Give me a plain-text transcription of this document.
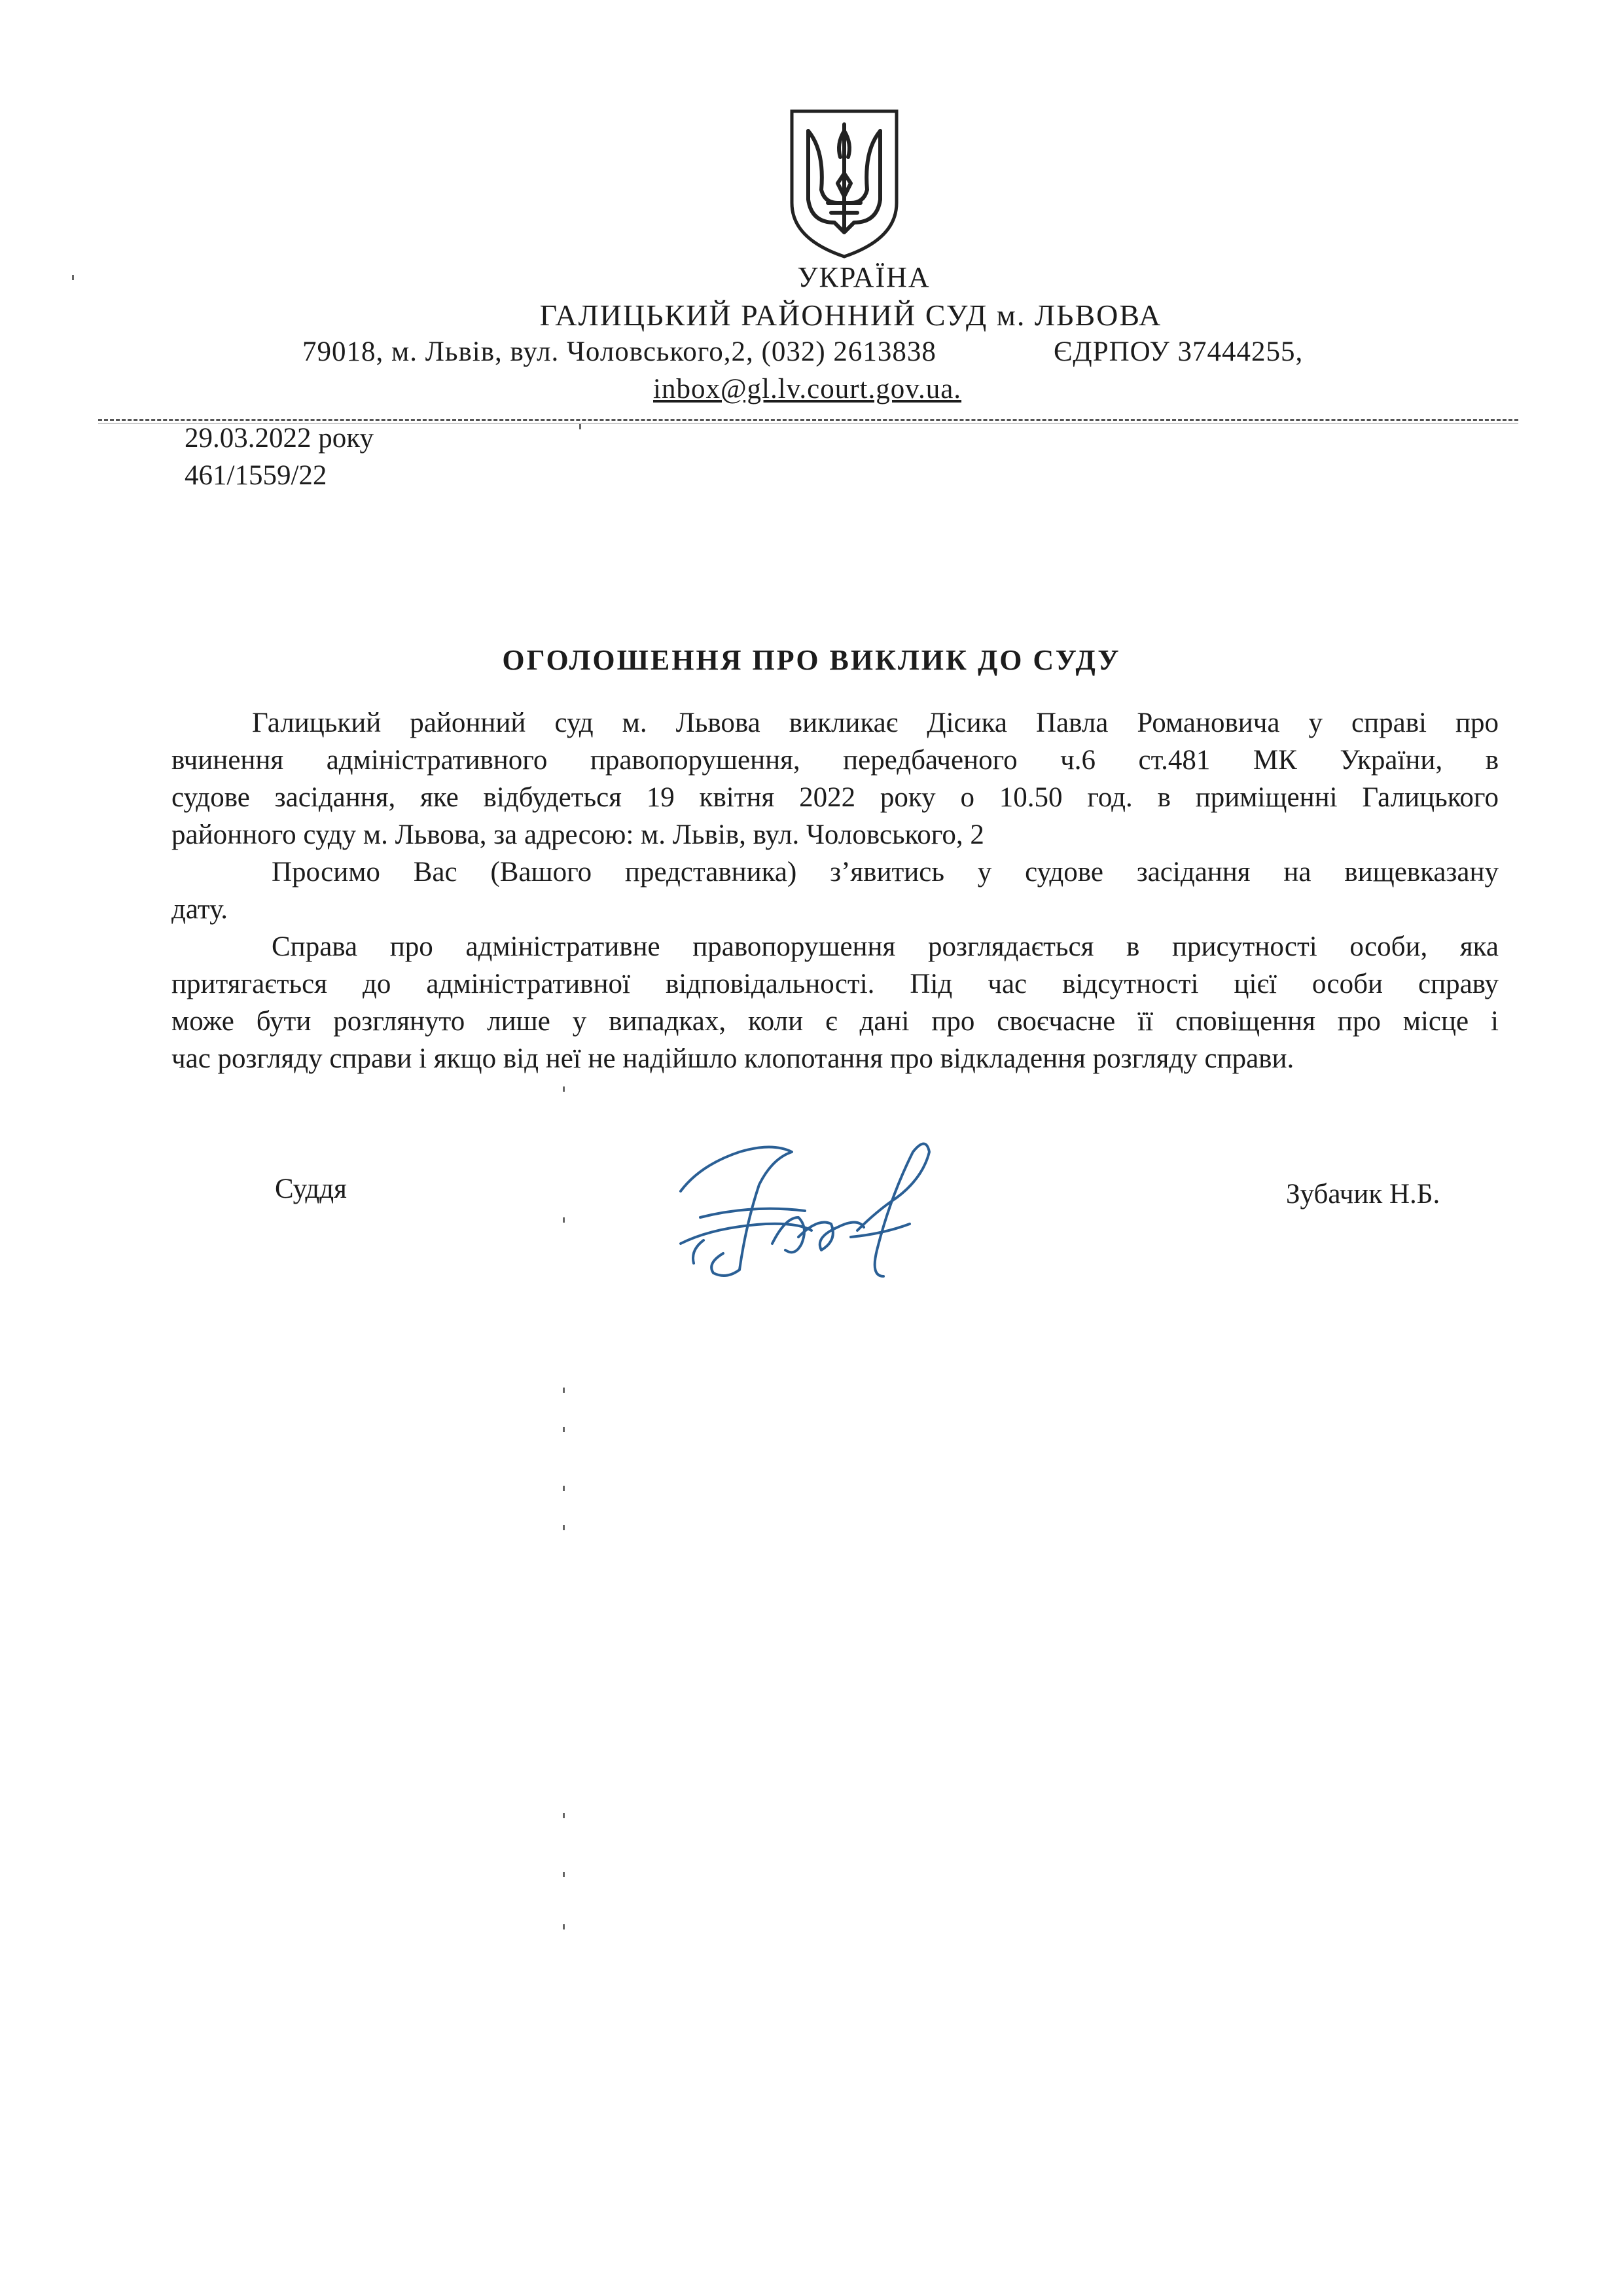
УКРАЇНА
ГАЛИЦЬКИЙ РАЙОННИЙ СУД м. ЛЬВОВА
79018, м. Львів, вул. Чоловського,2, (032) 2613838	ЄДРПОУ 37444255,
inbox@gl.lv.court.gov.ua.
29.03.2022 року
461/1559/22
ОГОЛОШЕННЯ ПРО ВИКЛИК ДО СУДУ
Галицький районний суд м. Львова викликає Дісика Павла Романовича у справі про
вчинення адміністративного правопорушення, передбаченого ч.6 ст.481 МК України, в
судове засідання, яке відбудеться 19 квітня 2022 року о 10.50 год. в приміщенні Галицького
районного суду м. Львова, за адресою: м. Львів, вул. Чоловського, 2
Просимо Вас (Вашого представника) з’явитись у судове засідання на вищевказану
дату.
Справа про адміністративне правопорушення розглядається в присутності особи, яка
притягається до адміністративної відповідальності. Під час відсутності цієї особи справу
може бути розглянуто лише у випадках, коли є дані про своєчасне її сповіщення про місце і
час розгляду справи і якщо від неї не надійшло клопотання про відкладення розгляду справи.
Суддя	Зубачик Н.Б.
